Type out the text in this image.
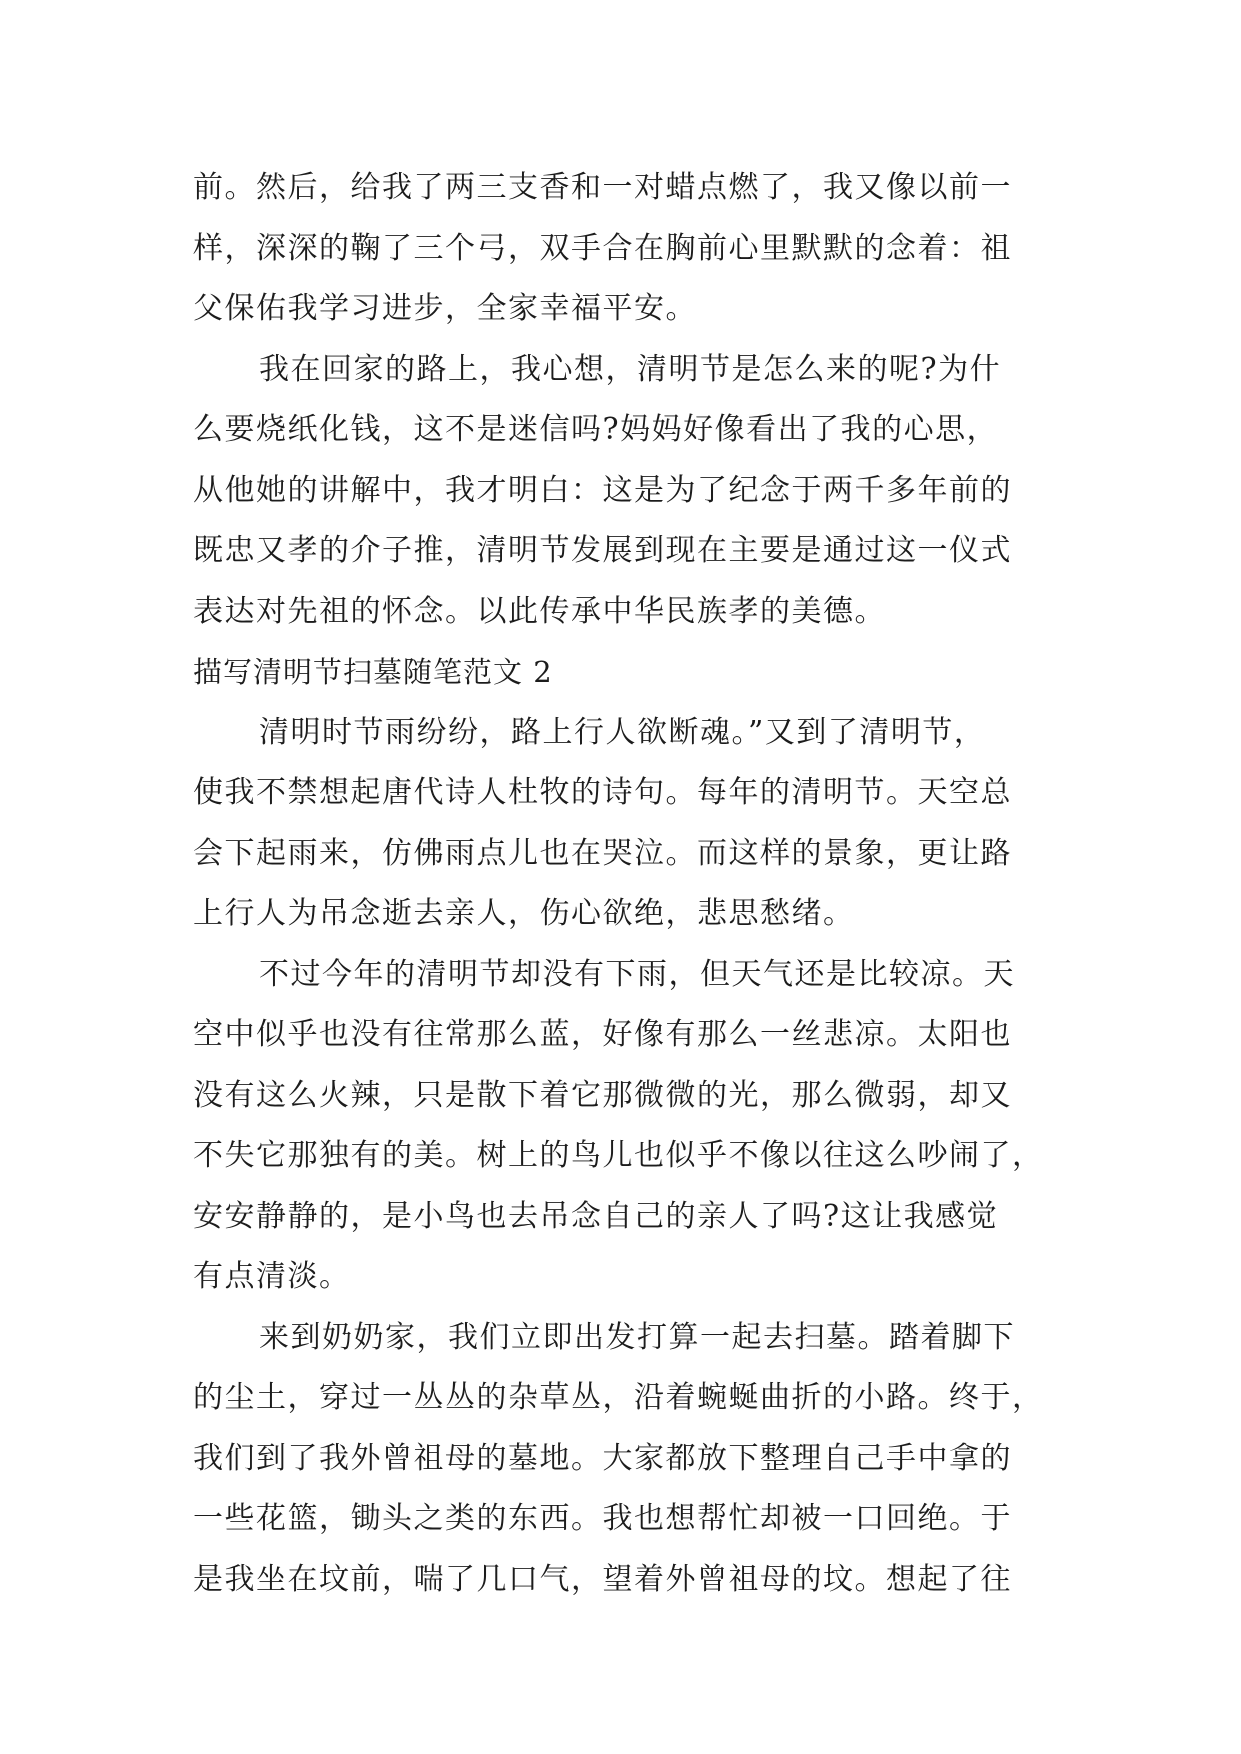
前。然后，给我了两三支香和一对蜡点燃了，我又像以前一
样，深深的鞠了三个弓，双手合在胸前心里默默的念着：祖
父保佑我学习进步，全家幸福平安。
我在回家的路上，我心想，清明节是怎么来的呢?为什
么要烧纸化钱，这不是迷信吗?妈妈好像看出了我的心思，
从他她的讲解中，我才明白：这是为了纪念于两千多年前的
既忠又孝的介子推，清明节发展到现在主要是通过这一仪式
表达对先祖的怀念。以此传承中华民族孝的美德。
描写清明节扫墓随笔范文 2
清明时节雨纷纷，路上行人欲断魂。”又到了清明节，
使我不禁想起唐代诗人杜牧的诗句。每年的清明节。天空总
会下起雨来，仿佛雨点儿也在哭泣。而这样的景象，更让路
上行人为吊念逝去亲人，伤心欲绝，悲思愁绪。
不过今年的清明节却没有下雨，但天气还是比较凉。天
空中似乎也没有往常那么蓝，好像有那么一丝悲凉。太阳也
没有这么火辣，只是散下着它那微微的光，那么微弱，却又
不失它那独有的美。树上的鸟儿也似乎不像以往这么吵闹了，
安安静静的，是小鸟也去吊念自己的亲人了吗?这让我感觉
有点清淡。
来到奶奶家，我们立即出发打算一起去扫墓。踏着脚下
的尘土，穿过一丛丛的杂草丛，沿着蜿蜒曲折的小路。终于，
我们到了我外曾祖母的墓地。大家都放下整理自己手中拿的
一些花篮，锄头之类的东西。我也想帮忙却被一口回绝。于
是我坐在坟前，喘了几口气，望着外曾祖母的坟。想起了往
